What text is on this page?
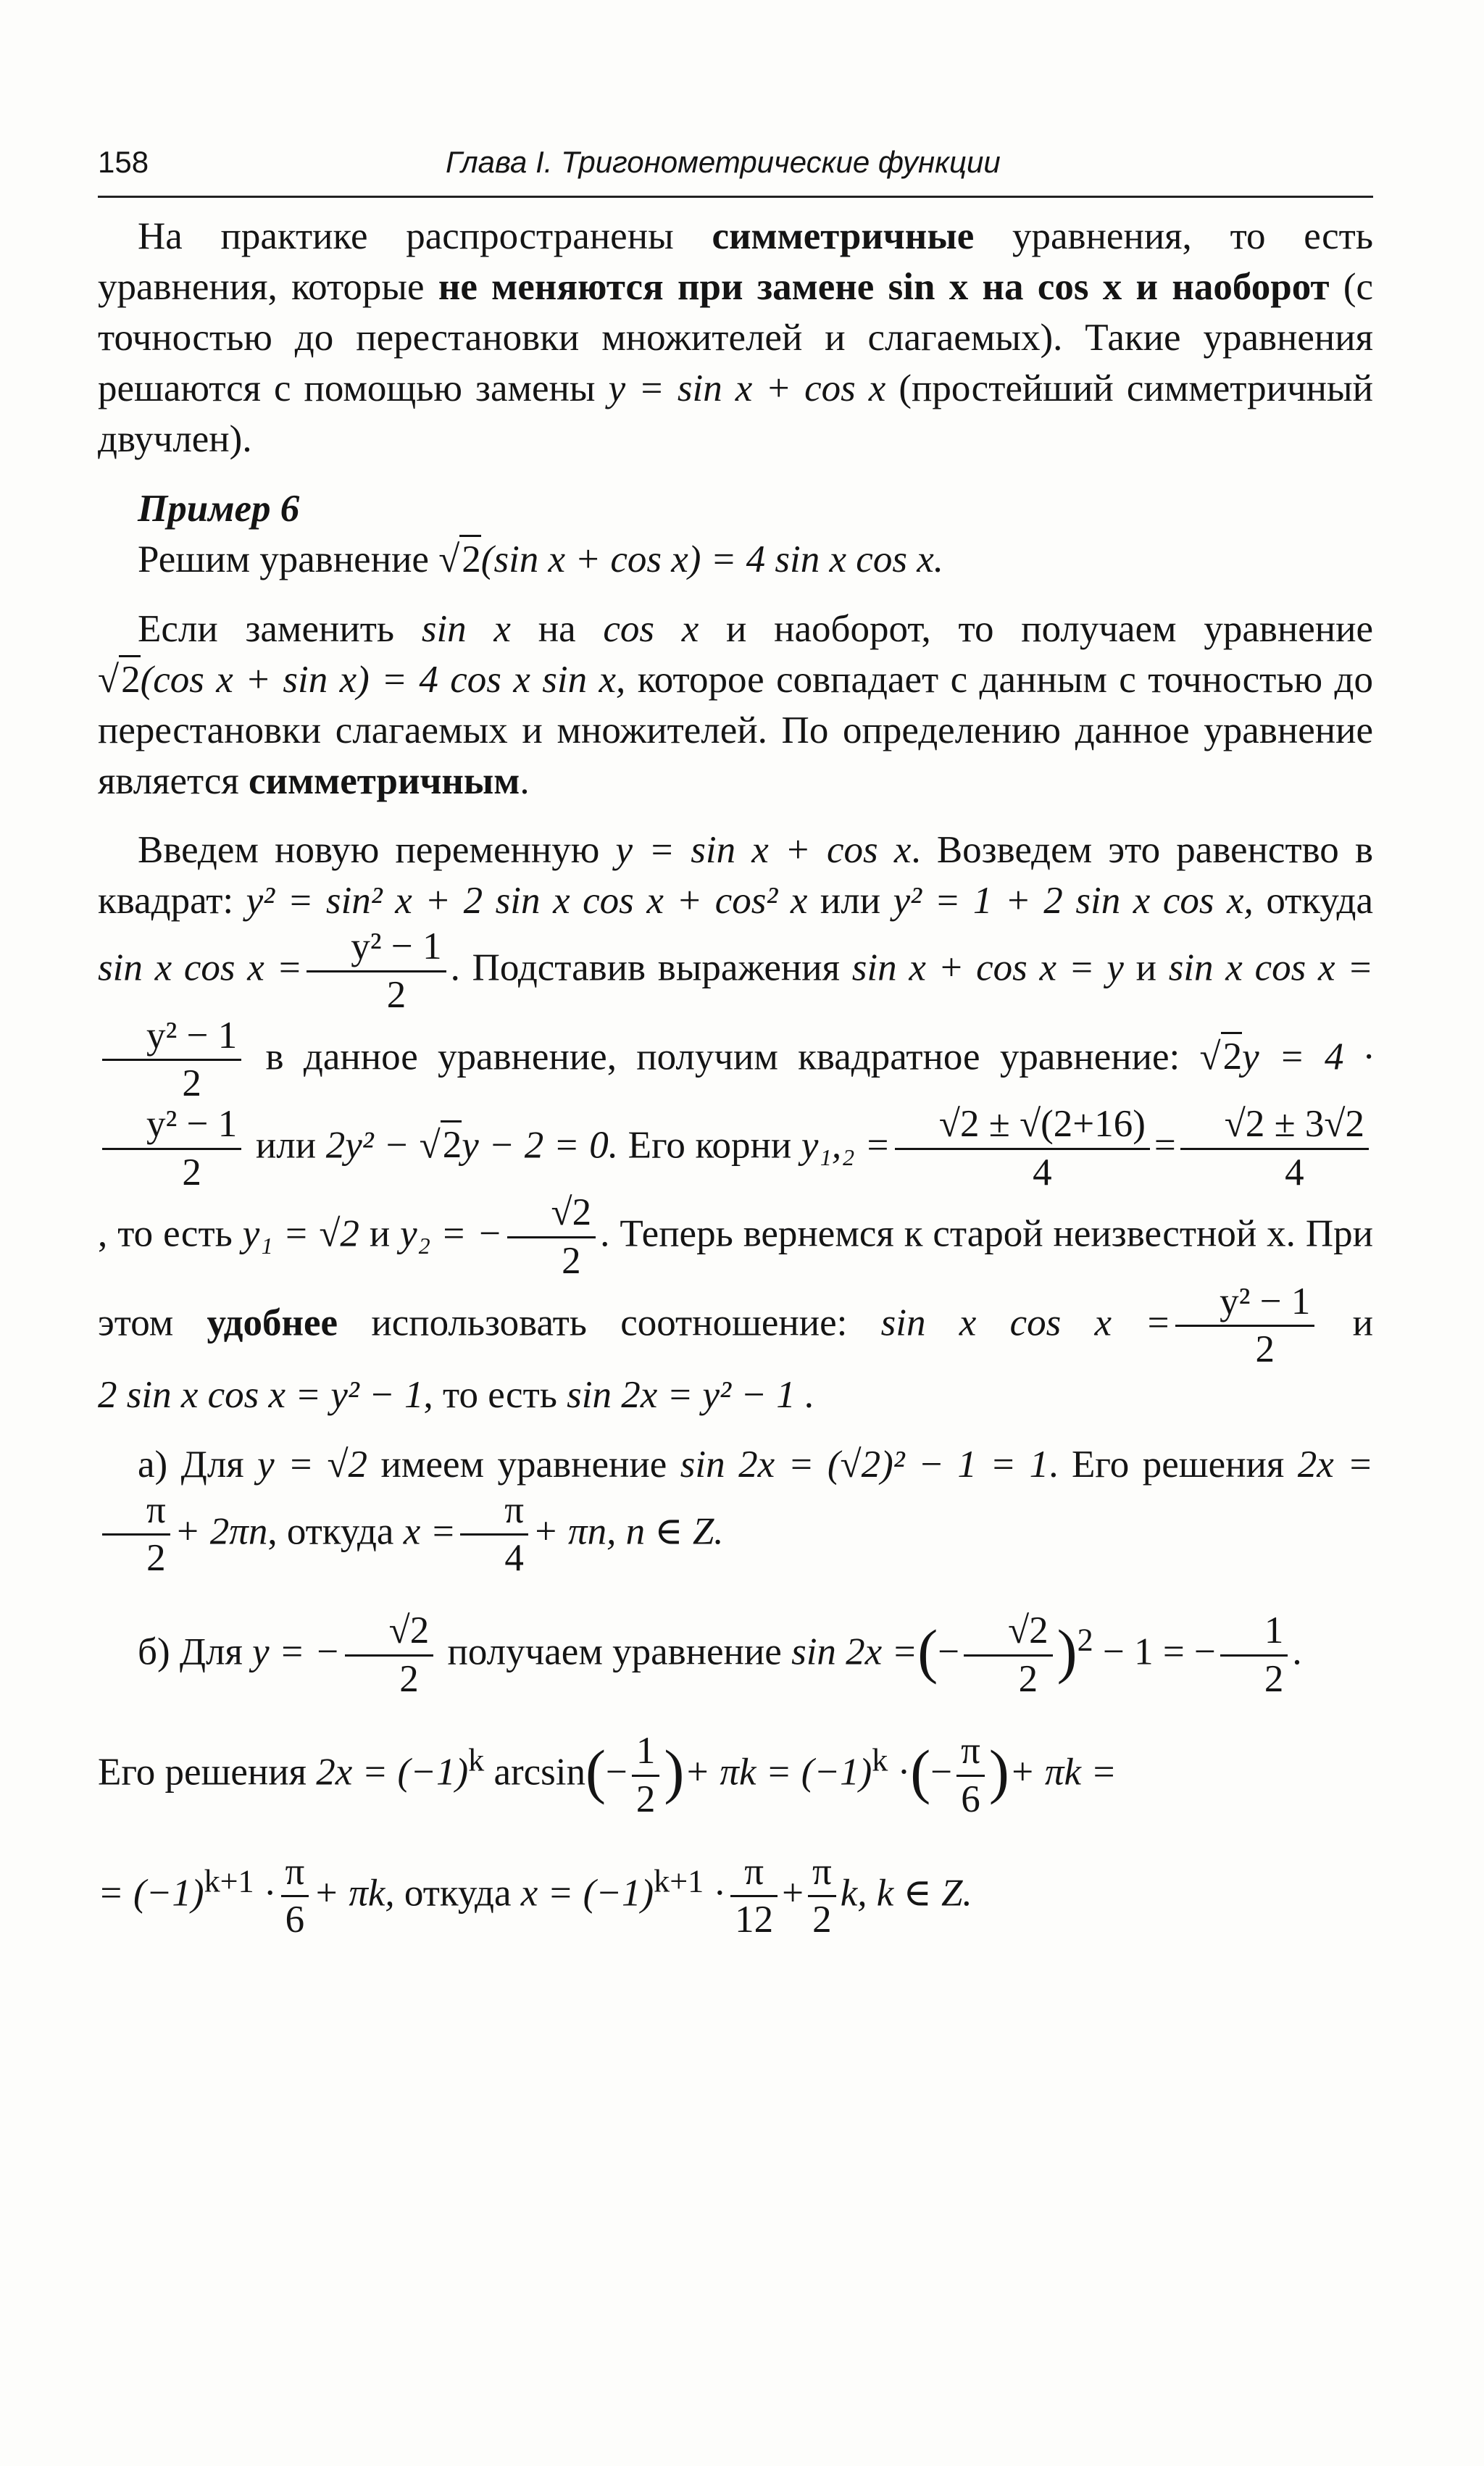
158	Глава I. Тригонометрические функции

На практике распространены симметричные уравнения, то есть уравнения, которые не меняются при замене sin x на cos x и наоборот (с точностью до перестановки множителей и слагаемых). Такие уравнения решаются с помощью замены y = sin x + cos x (простейший симметричный двучлен).

Пример 6

Решим уравнение √2(sin x + cos x) = 4 sin x cos x.

Если заменить sin x на cos x и наоборот, то получаем уравнение √2(cos x + sin x) = 4 cos x sin x, которое совпадает с данным с точностью до перестановки слагаемых и множителей. По определению данное уравнение является симметричным.

Введем новую переменную y = sin x + cos x. Возведем это равенство в квадрат: y² = sin² x + 2 sin x cos x + cos² x или y² = 1 + 2 sin x cos x, откуда sin x $\cos x = \frac{\text{y² − 1}}{2}$ . Подставив выражения sin x + cos x = y и sin x cos x =
$\frac{\text{y² − 1}}{2}$ в данное уравнение, получим квадратное уравнение: √2y = 4 ·
$\frac{\text{y² − 1}}{2}$ или 2y² − √2y − 2 = 0. Его корни $y_1,_2 = \frac{√2 \pm √(2+16)}{4} = \frac{√2 \pm 3√2}{4}$
, то есть y₁ = √2 и y₂ = − $\frac{√2}{2}$ . Теперь вернемся к старой неизвестной x. При этом удобнее использовать соотношение: sin x $\cos x = \frac{\text{y² − 1}}{2}$ и 2 sin x cos x = y² − 1, то есть sin 2x = y² − 1 .

а) Для y = √2 имеем уравнение sin 2x = (√2)² − 1 = 1. Его решения 2x =
$\frac{\pi}{2} + 2\pi n$, откуда $x = \frac{\pi}{4} + \pi n$, n ∈ Z.

б) Для y = − $\frac{√2}{2}$ получаем уравнение sin 2x =(− $\frac{√2}{2} )^2 - 1$ = − $\frac{1}{2}$ .

Его решения $2x = (-1)^k$ $\arcsin(- \frac{1}{2}$ )+ $\pi k = (-1)^k$ ·(− $\frac{\pi}{6}$ )+ πk =

= $(-1)^{k+1} \cdot \frac{\pi}{6} + \pi k$, откуда $x = (-1)^{k+1} \cdot \frac{\pi}{12} + \frac{\pi}{2} k$, k ∈ Z.
